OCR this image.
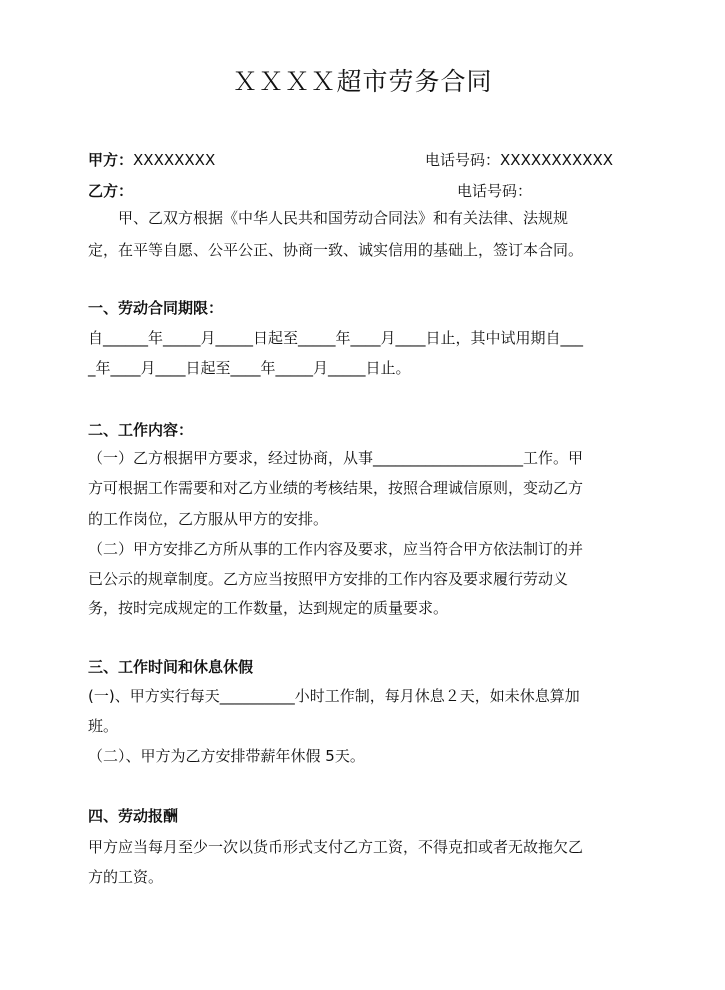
ＸＸＸＸ超市劳务合同
甲方：XXXXXXXX	电话号码：XXXXXXXXXXX
乙方：	电话号码：
　　甲、乙双方根据《中华人民共和国劳动合同法》和有关法律、法规规
定，在平等自愿、公平公正、协商一致、诚实信用的基础上，签订本合同。
一、劳动合同期限：
自______年_____月_____日起至_____年____月____日止，其中试用期自___
_年____月____日起至____年_____月_____日止。
二、工作内容：
（一）乙方根据甲方要求，经过协商，从事____________________工作。甲
方可根据工作需要和对乙方业绩的考核结果，按照合理诚信原则，变动乙方
的工作岗位，乙方服从甲方的安排。
（二）甲方安排乙方所从事的工作内容及要求，应当符合甲方依法制订的并
已公示的规章制度。乙方应当按照甲方安排的工作内容及要求履行劳动义
务，按时完成规定的工作数量，达到规定的质量要求。
三、工作时间和休息休假
(一)、甲方实行每天__________小时工作制，每月休息２天，如未休息算加
班。
（二）、甲方为乙方安排带薪年休假 5天。
四、劳动报酬
甲方应当每月至少一次以货币形式支付乙方工资，不得克扣或者无故拖欠乙
方的工资。
